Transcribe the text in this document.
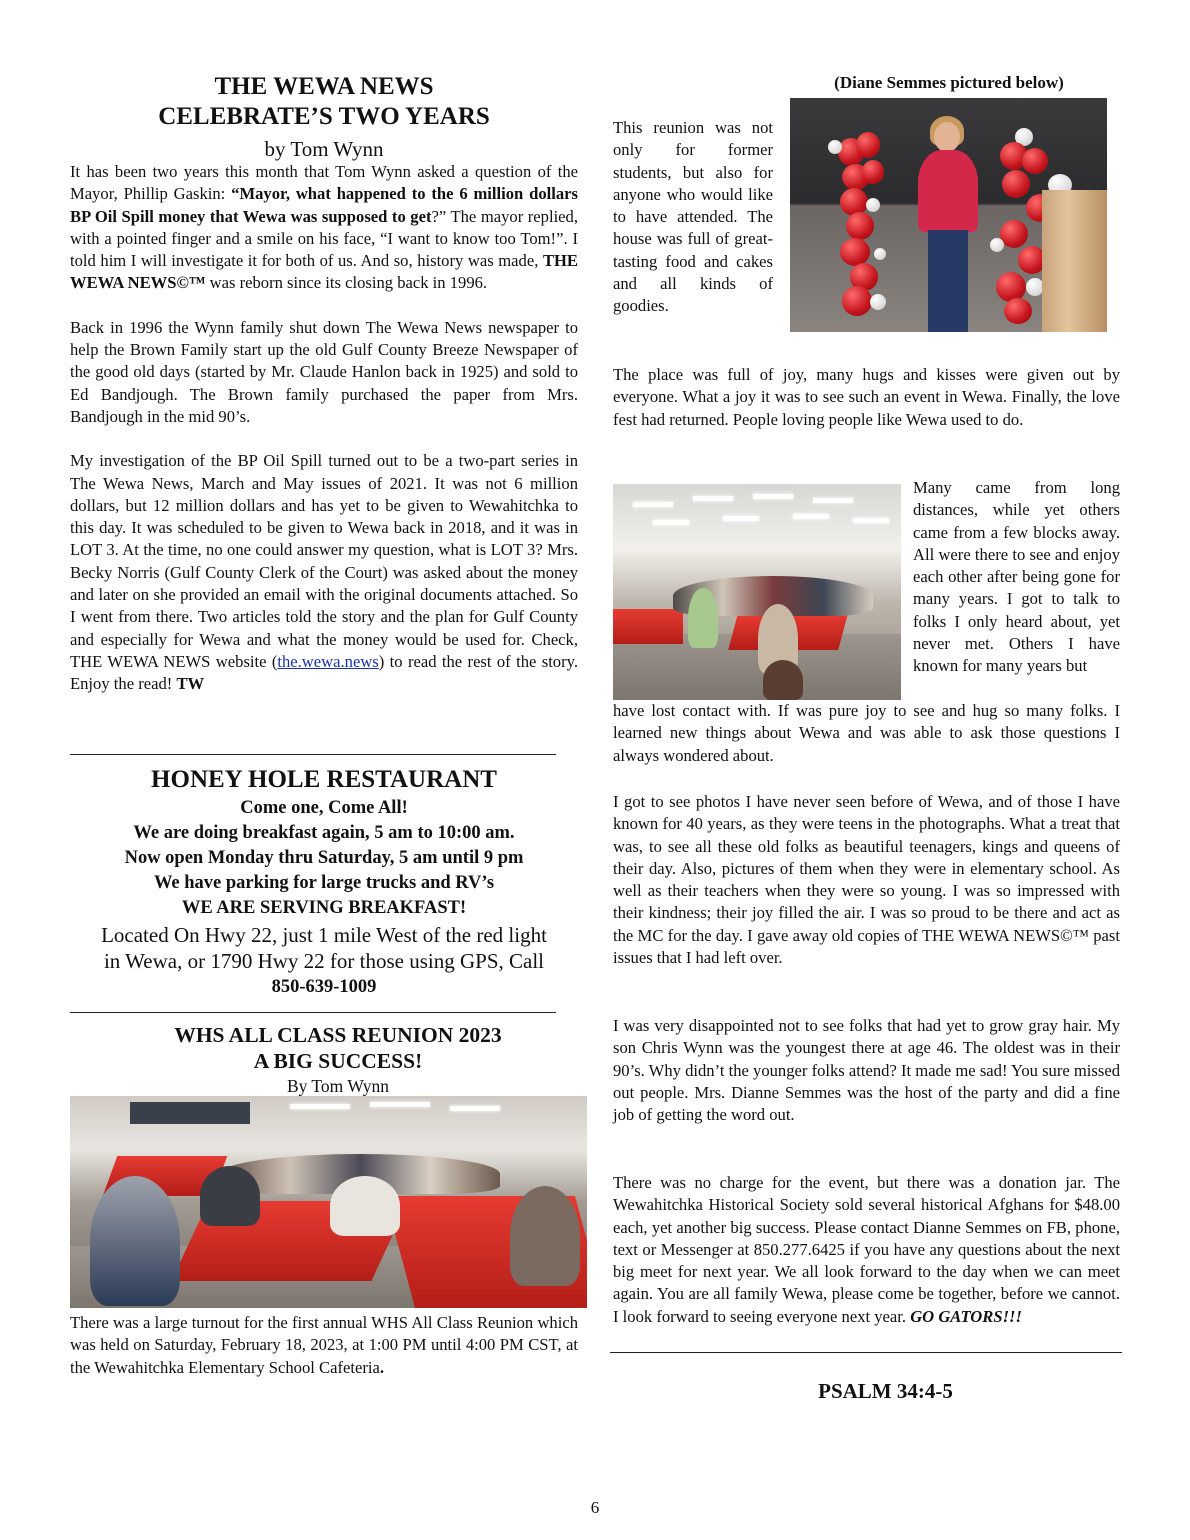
THE WEWA NEWS
CELEBRATE’S TWO YEARS
by Tom Wynn

It has been two years this month that Tom Wynn asked a question of the Mayor, Phillip Gaskin: “Mayor, what happened to the 6 million dollars BP Oil Spill money that Wewa was supposed to get?” The mayor replied, with a pointed finger and a smile on his face, “I want to know too Tom!”. I told him I will investigate it for both of us. And so, history was made, THE WEWA NEWS©™ was reborn since its closing back in 1996.

Back in 1996 the Wynn family shut down The Wewa News newspaper to help the Brown Family start up the old Gulf County Breeze Newspaper of the good old days (started by Mr. Claude Hanlon back in 1925) and sold to Ed Bandjough. The Brown family purchased the paper from Mrs. Bandjough in the mid 90’s.

My investigation of the BP Oil Spill turned out to be a two-part series in The Wewa News, March and May issues of 2021. It was not 6 million dollars, but 12 million dollars and has yet to be given to Wewahitchka to this day. It was scheduled to be given to Wewa back in 2018, and it was in LOT 3. At the time, no one could answer my question, what is LOT 3? Mrs. Becky Norris (Gulf County Clerk of the Court) was asked about the money and later on she provided an email with the original documents attached. So I went from there. Two articles told the story and the plan for Gulf County and especially for Wewa and what the money would be used for. Check, THE WEWA NEWS website (the.wewa.news) to read the rest of the story. Enjoy the read! TW

HONEY HOLE RESTAURANT
Come one, Come All!
We are doing breakfast again, 5 am to 10:00 am.
Now open Monday thru Saturday, 5 am until 9 pm
We have parking for large trucks and RV’s
WE ARE SERVING BREAKFAST!
Located On Hwy 22, just 1 mile West of the red light
in Wewa, or 1790 Hwy 22 for those using GPS, Call
850-639-1009
WHS ALL CLASS REUNION 2023
A BIG SUCCESS!
By Tom Wynn
There was a large turnout for the first annual WHS All Class Reunion which was held on Saturday, February 18, 2023, at 1:00 PM until 4:00 PM CST, at the Wewahitchka Elementary School Cafeteria.
(Diane Semmes pictured below)
This reunion was not only for former students, but also for anyone who would like to have attended. The house was full of great-tasting food and cakes and all kinds of goodies.
The place was full of joy, many hugs and kisses were given out by everyone. What a joy it was to see such an event in Wewa. Finally, the love fest had returned. People loving people like Wewa used to do.
Many came from long distances, while yet others came from a few blocks away. All were there to see and enjoy each other after being gone for many years. I got to talk to folks I only heard about, yet never met. Others I have known for many years but
have lost contact with. If was pure joy to see and hug so many folks. I learned new things about Wewa and was able to ask those questions I always wondered about.
I got to see photos I have never seen before of Wewa, and of those I have known for 40 years, as they were teens in the photographs. What a treat that was, to see all these old folks as beautiful teenagers, kings and queens of their day. Also, pictures of them when they were in elementary school. As well as their teachers when they were so young. I was so impressed with their kindness; their joy filled the air. I was so proud to be there and act as the MC for the day. I gave away old copies of THE WEWA NEWS©™ past issues that I had left over.
I was very disappointed not to see folks that had yet to grow gray hair. My son Chris Wynn was the youngest there at age 46. The oldest was in their 90’s. Why didn’t the younger folks attend? It made me sad! You sure missed out people. Mrs. Dianne Semmes was the host of the party and did a fine job of getting the word out.
There was no charge for the event, but there was a donation jar. The Wewahitchka Historical Society sold several historical Afghans for $48.00 each, yet another big success. Please contact Dianne Semmes on FB, phone, text or Messenger at 850.277.6425 if you have any questions about the next big meet for next year. We all look forward to the day when we can meet again. You are all family Wewa, please come be together, before we cannot. I look forward to seeing everyone next year. GO GATORS!!!
PSALM 34:4-5
6
